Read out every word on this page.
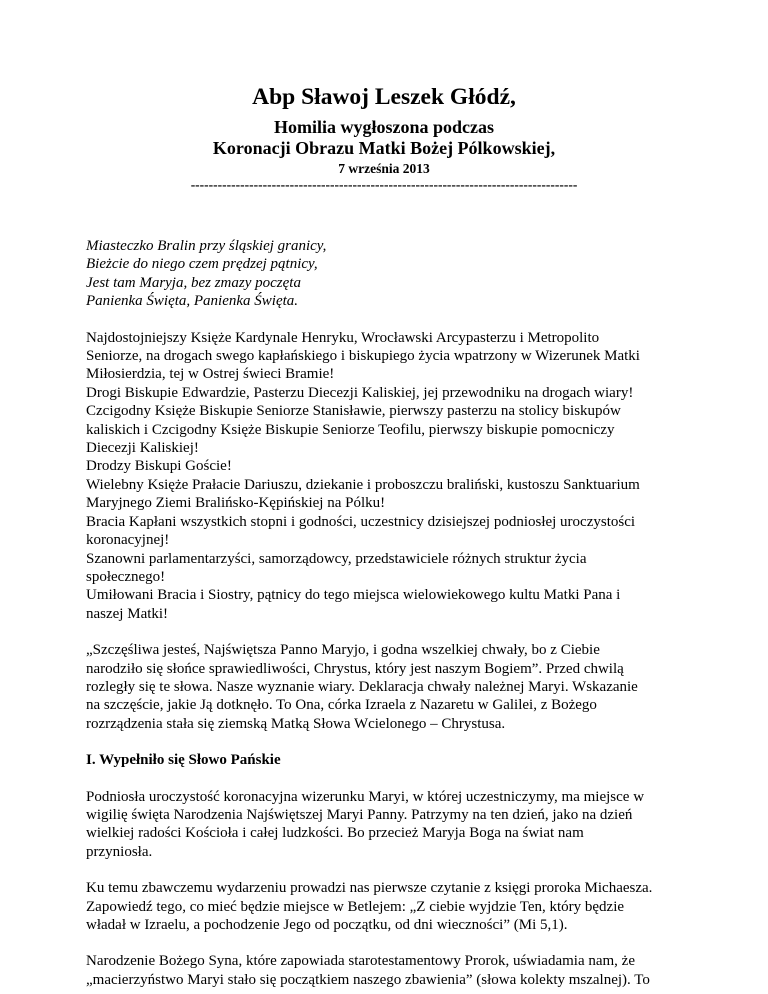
Abp Sławoj Leszek Głódź,
Homilia wygłoszona podczas
Koronacji Obrazu Matki Bożej Pólkowskiej,
7 września 2013
--------------------------------------------------------------------------------------
Miasteczko Bralin przy śląskiej granicy,
Bieżcie do niego czem prędzej pątnicy,
Jest tam Maryja, bez zmazy poczęta
Panienka Święta, Panienka Święta.
Najdostojniejszy Księże Kardynale Henryku, Wrocławski Arcypasterzu i Metropolito
Seniorze, na drogach swego kapłańskiego i biskupiego życia wpatrzony w Wizerunek Matki
Miłosierdzia, tej w Ostrej świeci Bramie!
Drogi Biskupie Edwardzie, Pasterzu Diecezji Kaliskiej, jej przewodniku na drogach wiary!
Czcigodny Księże Biskupie Seniorze Stanisławie, pierwszy pasterzu na stolicy biskupów
kaliskich i Czcigodny Księże Biskupie Seniorze Teofilu, pierwszy biskupie pomocniczy
Diecezji Kaliskiej!
Drodzy Biskupi Goście!
Wielebny Księże Prałacie Dariuszu, dziekanie i proboszczu braliński, kustoszu Sanktuarium
Maryjnego Ziemi Bralińsko-Kępińskiej na Pólku!
Bracia Kapłani wszystkich stopni i godności, uczestnicy dzisiejszej podniosłej uroczystości
koronacyjnej!
Szanowni parlamentarzyści, samorządowcy, przedstawiciele różnych struktur życia
społecznego!
Umiłowani Bracia i Siostry, pątnicy do tego miejsca wielowiekowego kultu Matki Pana i
naszej Matki!
„Szczęśliwa jesteś, Najświętsza Panno Maryjo, i godna wszelkiej chwały, bo z Ciebie
narodziło się słońce sprawiedliwości, Chrystus, który jest naszym Bogiem”. Przed chwilą
rozległy się te słowa. Nasze wyznanie wiary. Deklaracja chwały należnej Maryi. Wskazanie
na szczęście, jakie Ją dotknęło. To Ona, córka Izraela z Nazaretu w Galilei, z Bożego
rozrządzenia stała się ziemską Matką Słowa Wcielonego – Chrystusa.
I. Wypełniło się Słowo Pańskie
Podniosła uroczystość koronacyjna wizerunku Maryi, w której uczestniczymy, ma miejsce w
wigilię święta Narodzenia Najświętszej Maryi Panny. Patrzymy na ten dzień, jako na dzień
wielkiej radości Kościoła i całej ludzkości. Bo przecież Maryja Boga na świat nam
przyniosła.
Ku temu zbawczemu wydarzeniu prowadzi nas pierwsze czytanie z księgi proroka Michaesza.
Zapowiedź tego, co mieć będzie miejsce w Betlejem: „Z ciebie wyjdzie Ten, który będzie
władał w Izraelu, a pochodzenie Jego od początku, od dni wieczności” (Mi 5,1).
Narodzenie Bożego Syna, które zapowiada starotestamentowy Prorok, uświadamia nam, że
„macierzyństwo Maryi stało się początkiem naszego zbawienia” (słowa kolekty mszalnej). To
